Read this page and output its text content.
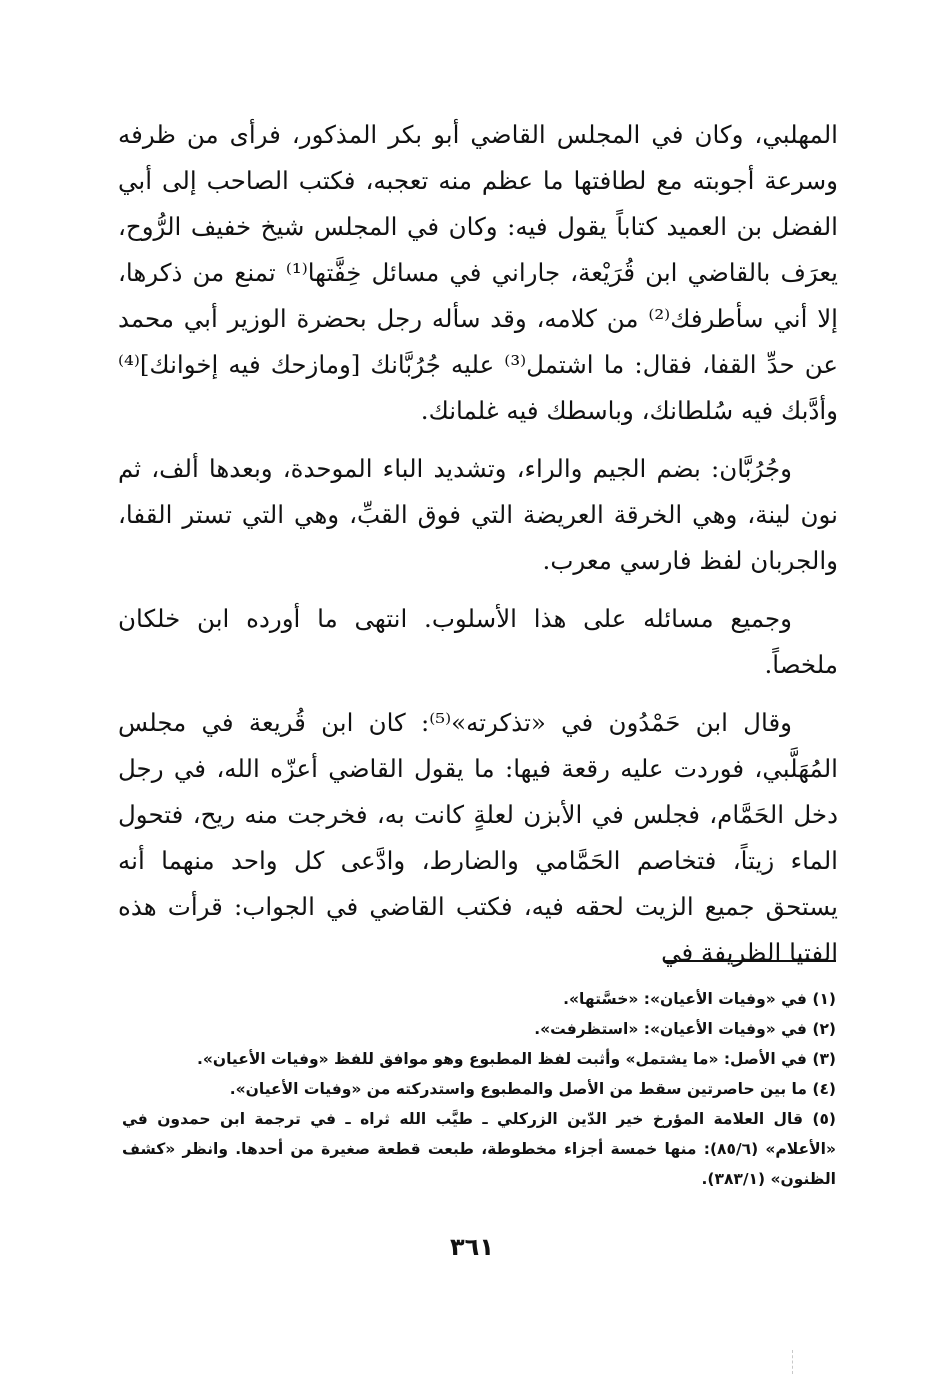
المهلبي، وكان في المجلس القاضي أبو بكر المذكور، فرأى من ظرفه وسرعة أجوبته مع لطافتها ما عظم منه تعجبه، فكتب الصاحب إلى أبي الفضل بن العميد كتاباً يقول فيه: وكان في المجلس شيخ خفيف الرُّوح، يعرَف بالقاضي ابن قُرَيْعة، جاراني في مسائل خِفَّتها⁽¹⁾ تمنع من ذكرها، إلا أني سأطرفك⁽²⁾ من كلامه، وقد سأله رجل بحضرة الوزير أبي محمد عن حدِّ القفا، فقال: ما اشتمل⁽³⁾ عليه جُرُبَّانك [ومازحك فيه إخوانك]⁽⁴⁾ وأدَّبك فيه سُلطانك، وباسطك فيه غلمانك.

وجُرُبَّان: بضم الجيم والراء، وتشديد الباء الموحدة، وبعدها ألف، ثم نون لينة، وهي الخرقة العريضة التي فوق القبِّ، وهي التي تستر القفا، والجربان لفظ فارسي معرب.

وجميع مسائله على هذا الأسلوب. انتهى ما أورده ابن خلكان ملخصاً.

وقال ابن حَمْدُون في «تذكرته»⁽⁵⁾: كان ابن قُريعة في مجلس المُهَلَّبي، فوردت عليه رقعة فيها: ما يقول القاضي أعزّه الله، في رجل دخل الحَمَّام، فجلس في الأبزن لعلةٍ كانت به، فخرجت منه ريح، فتحول الماء زيتاً، فتخاصم الحَمَّامي والضارط، وادَّعى كل واحد منهما أنه يستحق جميع الزيت لحقه فيه، فكتب القاضي في الجواب: قرأت هذه الفتيا الظريفة في

(١) في «وفيات الأعيان»: «خسَّتها».

(٢) في «وفيات الأعيان»: «استظرفت».

(٣) في الأصل: «ما يشتمل» وأثبت لفظ المطبوع وهو موافق للفظ «وفيات الأعيان».

(٤) ما بين حاصرتين سقط من الأصل والمطبوع واستدركته من «وفيات الأعيان».

(٥) قال العلامة المؤرخ خير الدّين الزركلي ـ طيَّب الله ثراه ـ في ترجمة ابن حمدون في «الأعلام» (٨٥/٦): منها خمسة أجزاء مخطوطة، طبعت قطعة صغيرة من أحدها. وانظر «كشف الظنون» (٣٨٣/١).

٣٦١
